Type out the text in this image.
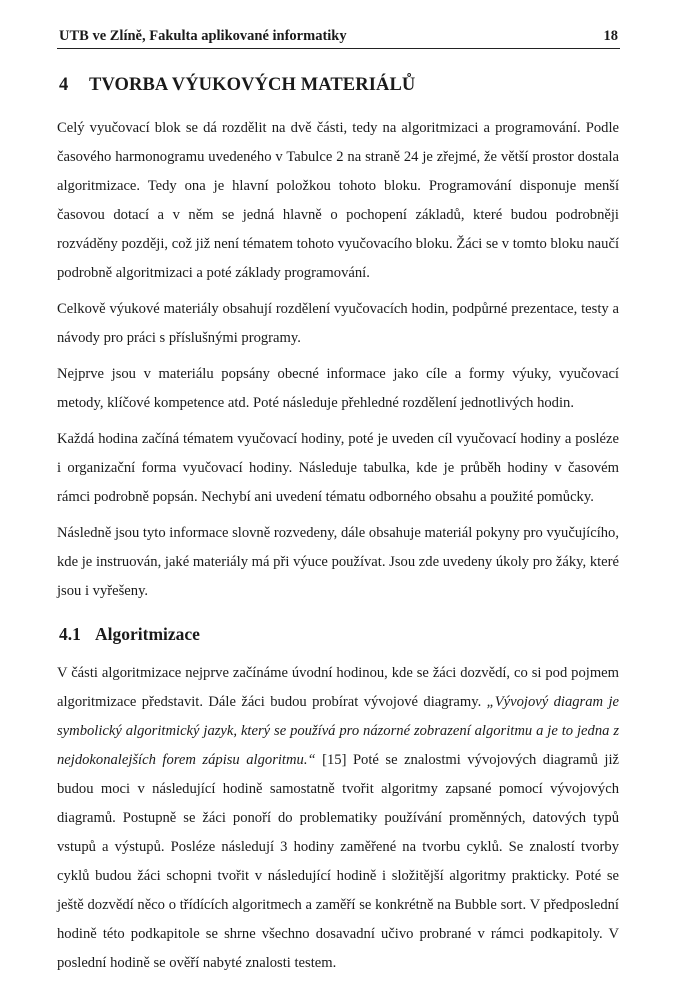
UTB ve Zlíně, Fakulta aplikované informatiky	18
4 TVORBA VÝUKOVÝCH MATERIÁLŮ

Celý vyučovací blok se dá rozdělit na dvě části, tedy na algoritmizaci a programování. Podle časového harmonogramu uvedeného v Tabulce 2 na straně 24 je zřejmé, že větší prostor dostala algoritmizace. Tedy ona je hlavní položkou tohoto bloku. Programování disponuje menší časovou dotací a v něm se jedná hlavně o pochopení základů, které budou podrobněji rozváděny později, což již není tématem tohoto vyučovacího bloku. Žáci se v tomto bloku naučí podrobně algoritmizaci a poté základy programování.

Celkově výukové materiály obsahují rozdělení vyučovacích hodin, podpůrné prezentace, testy a návody pro práci s příslušnými programy.

Nejprve jsou v materiálu popsány obecné informace jako cíle a formy výuky, vyučovací metody, klíčové kompetence atd. Poté následuje přehledné rozdělení jednotlivých hodin.

Každá hodina začíná tématem vyučovací hodiny, poté je uveden cíl vyučovací hodiny a posléze i organizační forma vyučovací hodiny. Následuje tabulka, kde je průběh hodiny v časovém rámci podrobně popsán. Nechybí ani uvedení tématu odborného obsahu a použité pomůcky.

Následně jsou tyto informace slovně rozvedeny, dále obsahuje materiál pokyny pro vyučujícího, kde je instruován, jaké materiály má při výuce používat. Jsou zde uvedeny úkoly pro žáky, které jsou i vyřešeny.

4.1 Algoritmizace

V části algoritmizace nejprve začínáme úvodní hodinou, kde se žáci dozvědí, co si pod pojmem algoritmizace představit. Dále žáci budou probírat vývojové diagramy. „Vývojový diagram je symbolický algoritmický jazyk, který se používá pro názorné zobrazení algoritmu a je to jedna z nejdokonalejších forem zápisu algoritmu.“ [15] Poté se znalostmi vývojových diagramů již budou moci v následující hodině samostatně tvořit algoritmy zapsané pomocí vývojových diagramů. Postupně se žáci ponoří do problematiky používání proměnných, datových typů vstupů a výstupů. Posléze následují 3 hodiny zaměřené na tvorbu cyklů. Se znalostí tvorby cyklů budou žáci schopni tvořit v následující hodině i složitější algoritmy prakticky. Poté se ještě dozvědí něco o třídících algoritmech a zaměří se konkrétně na Bubble sort. V předposlední hodině této podkapitole se shrne všechno dosavadní učivo probrané v rámci podkapitoly. V poslední hodině se ověří nabyté znalosti testem.
